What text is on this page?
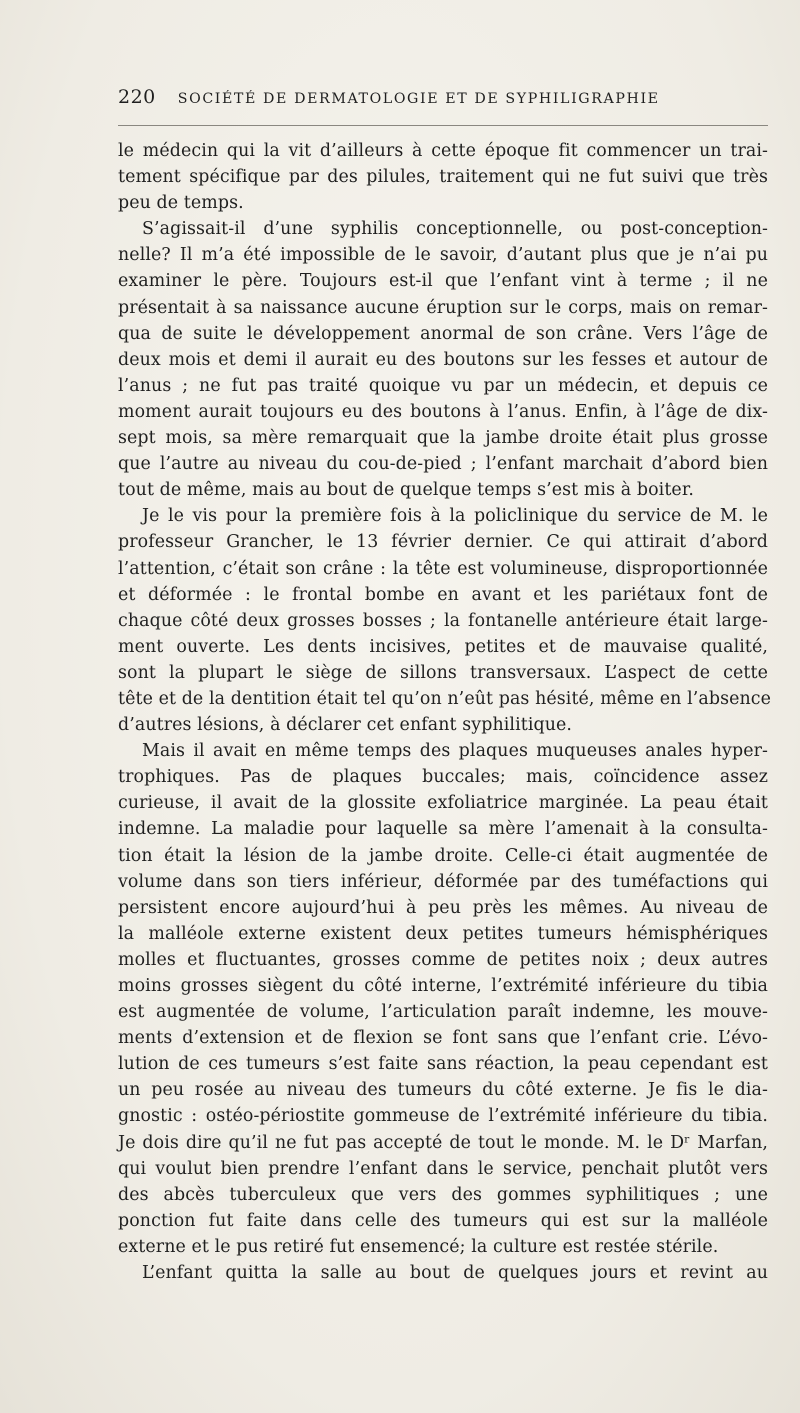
220 SOCIÉTÉ DE DERMATOLOGIE ET DE SYPHILIGRAPHIE
le médecin qui la vit d’ailleurs à cette époque fit commencer un trai-
tement spécifique par des pilules, traitement qui ne fut suivi que très
peu de temps.
S’agissait-il d’une syphilis conceptionnelle, ou post-conception-
nelle? Il m’a été impossible de le savoir, d’autant plus que je n’ai pu
examiner le père. Toujours est-il que l’enfant vint à terme ; il ne
présentait à sa naissance aucune éruption sur le corps, mais on remar-
qua de suite le développement anormal de son crâne. Vers l’âge de
deux mois et demi il aurait eu des boutons sur les fesses et autour de
l’anus ; ne fut pas traité quoique vu par un médecin, et depuis ce
moment aurait toujours eu des boutons à l’anus. Enfin, à l’âge de dix-
sept mois, sa mère remarquait que la jambe droite était plus grosse
que l’autre au niveau du cou-de-pied ; l’enfant marchait d’abord bien
tout de même, mais au bout de quelque temps s’est mis à boiter.
Je le vis pour la première fois à la policlinique du service de M. le
professeur Grancher, le 13 février dernier. Ce qui attirait d’abord
l’attention, c’était son crâne : la tête est volumineuse, disproportionnée
et déformée : le frontal bombe en avant et les pariétaux font de
chaque côté deux grosses bosses ; la fontanelle antérieure était large-
ment ouverte. Les dents incisives, petites et de mauvaise qualité,
sont la plupart le siège de sillons transversaux. L’aspect de cette
tête et de la dentition était tel qu’on n’eût pas hésité, même en l’absence
d’autres lésions, à déclarer cet enfant syphilitique.
Mais il avait en même temps des plaques muqueuses anales hyper-
trophiques. Pas de plaques buccales; mais, coïncidence assez
curieuse, il avait de la glossite exfoliatrice marginée. La peau était
indemne. La maladie pour laquelle sa mère l’amenait à la consulta-
tion était la lésion de la jambe droite. Celle-ci était augmentée de
volume dans son tiers inférieur, déformée par des tuméfactions qui
persistent encore aujourd’hui à peu près les mêmes. Au niveau de
la malléole externe existent deux petites tumeurs hémisphériques
molles et fluctuantes, grosses comme de petites noix ; deux autres
moins grosses siègent du côté interne, l’extrémité inférieure du tibia
est augmentée de volume, l’articulation paraît indemne, les mouve-
ments d’extension et de flexion se font sans que l’enfant crie. L’évo-
lution de ces tumeurs s’est faite sans réaction, la peau cependant est
un peu rosée au niveau des tumeurs du côté externe. Je fis le dia-
gnostic : ostéo-périostite gommeuse de l’extrémité inférieure du tibia.
Je dois dire qu’il ne fut pas accepté de tout le monde. M. le Dʳ Marfan,
qui voulut bien prendre l’enfant dans le service, penchait plutôt vers
des abcès tuberculeux que vers des gommes syphilitiques ; une
ponction fut faite dans celle des tumeurs qui est sur la malléole
externe et le pus retiré fut ensemencé; la culture est restée stérile.
L’enfant quitta la salle au bout de quelques jours et revint au
